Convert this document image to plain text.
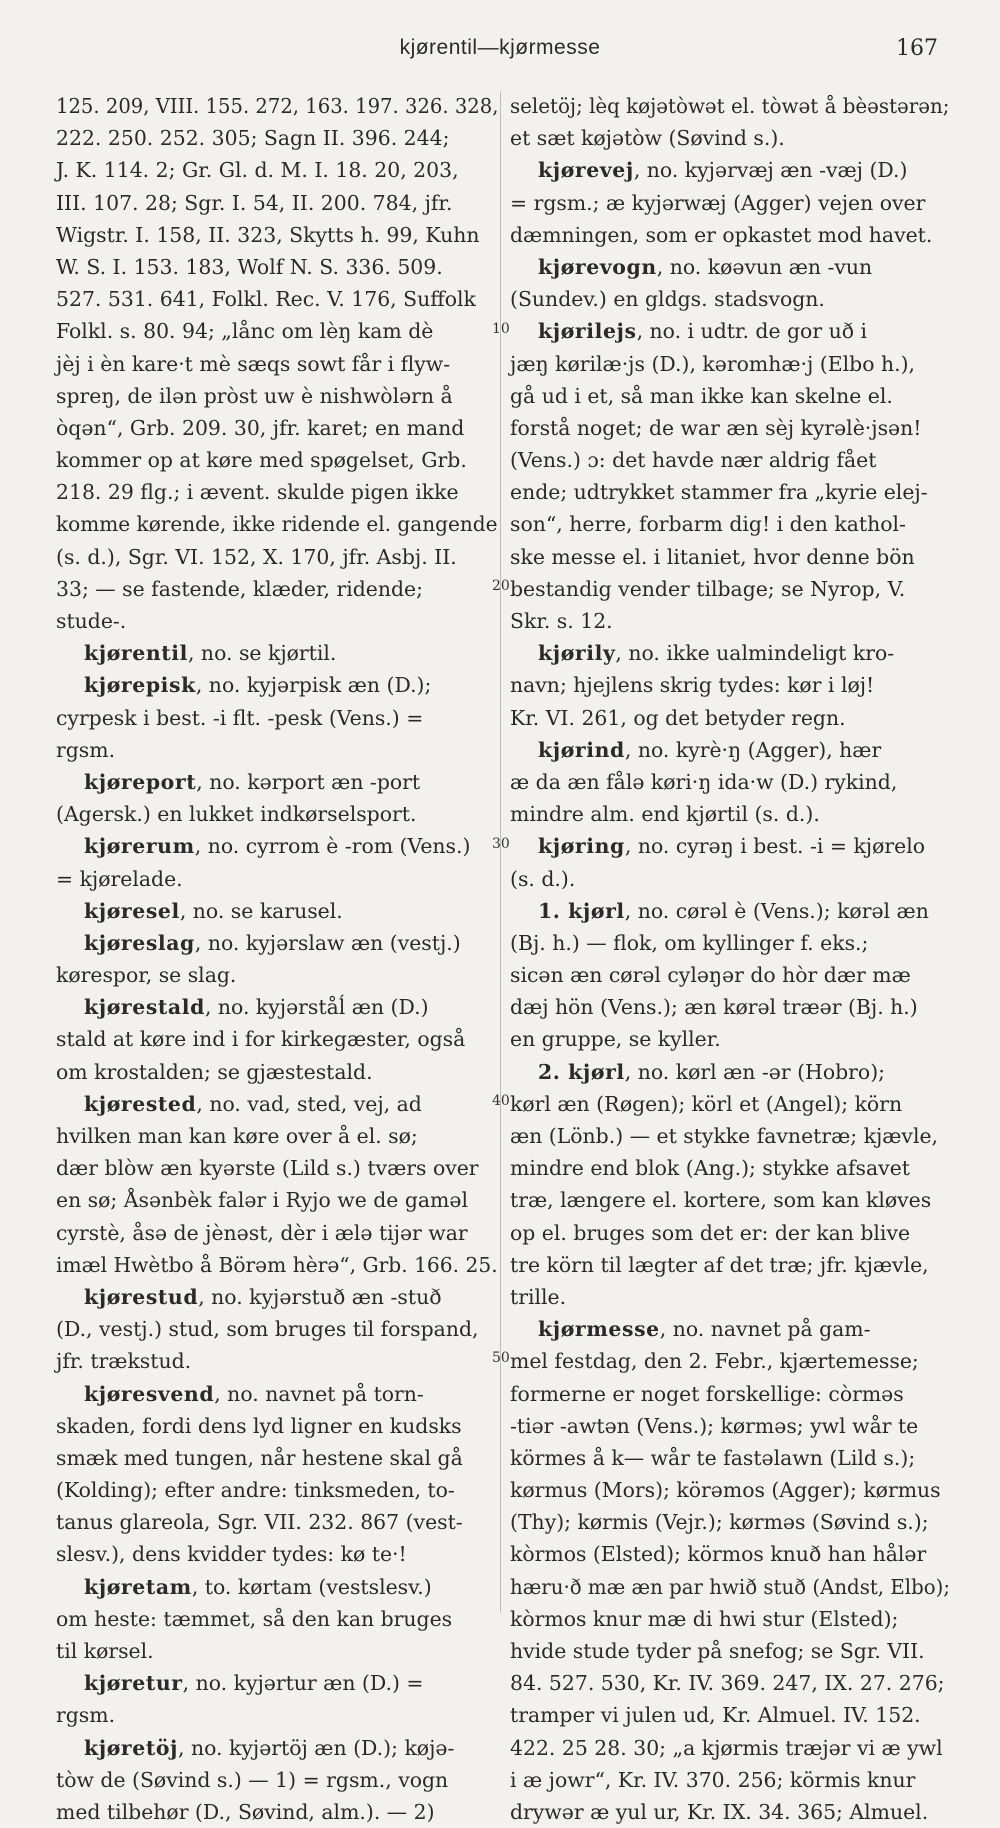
kjørentil—kjørmesse	167
125. 209, VIII. 155. 272, 163. 197. 326. 328,
222. 250. 252. 305; Sagn II. 396. 244;
J. K. 114. 2; Gr. Gl. d. M. I. 18. 20, 203,
III. 107. 28; Sgr. I. 54, II. 200. 784, jfr.
Wigstr. I. 158, II. 323, Skytts h. 99, Kuhn
W. S. I. 153. 183, Wolf N. S. 336. 509.
527. 531. 641, Folkl. Rec. V. 176, Suffolk
Folkl. s. 80. 94; „lånc om lèŋ kam dè
jèj i èn kare·t mè sæqs sowt får i flyw-
spreŋ, de ilən pròst uw è nishwòlərn å
òqən“, Grb. 209. 30, jfr. karet; en mand
kommer op at køre med spøgelset, Grb.
218. 29 flg.; i ævent. skulde pigen ikke
komme kørende, ikke ridende el. gangende
(s. d.), Sgr. VI. 152, X. 170, jfr. Asbj. II.
33; — se fastende, klæder, ridende;
stude-.
kjørentil, no. se kjørtil.
kjørepisk, no. kyjərpisk æn (D.);
cyrpesk i best. -i flt. -pesk (Vens.) =
rgsm.
kjøreport, no. kərport æn -port
(Agersk.) en lukket indkørselsport.
kjørerum, no. cyrrom è -rom (Vens.)
= kjørelade.
kjøresel, no. se karusel.
kjøreslag, no. kyjərslaw æn (vestj.)
kørespor, se slag.
kjørestald, no. kyjərståĺ æn (D.)
stald at køre ind i for kirkegæster, også
om krostalden; se gjæstestald.
kjørested, no. vad, sted, vej, ad
hvilken man kan køre over å el. sø;
dær blòw æn kyərste (Lild s.) tværs over
en sø; Åsənbèk falər i Ryjo we de gaməl
cyrstè, åsə de jènəst, dèr i ælə tijər war
imæl Hwètbo å Börəm hèrə“, Grb. 166. 25.
kjørestud, no. kyjərstuð æn -stuð
(D., vestj.) stud, som bruges til forspand,
jfr. trækstud.
kjøresvend, no. navnet på torn-
skaden, fordi dens lyd ligner en kudsks
smæk med tungen, når hestene skal gå
(Kolding); efter andre: tinksmeden, to-
tanus glareola, Sgr. VII. 232. 867 (vest-
slesv.), dens kvidder tydes: kø te·!
kjøretam, to. kørtam (vestslesv.)
om heste: tæmmet, så den kan bruges
til kørsel.
kjøretur, no. kyjərtur æn (D.) =
rgsm.
kjøretöj, no. kyjərtöj æn (D.); køjə-
tòw de (Søvind s.) — 1) = rgsm., vogn
med tilbehør (D., Søvind, alm.). — 2)
seletöj; lèq køjətòwət el. tòwət å bèəstərən;
et sæt køjətòw (Søvind s.).
kjørevej, no. kyjərvæj æn -væj (D.)
= rgsm.; æ kyjərwæj (Agger) vejen over
dæmningen, som er opkastet mod havet.
kjørevogn, no. køəvun æn -vun
(Sundev.) en gldgs. stadsvogn.
kjørilejs, no. i udtr. de gor uð i
jæŋ kørilæ·js (D.), kəromhæ·j (Elbo h.),
gå ud i et, så man ikke kan skelne el.
forstå noget; de war æn sèj kyrəlè·jsən!
(Vens.) ɔ: det havde nær aldrig fået
ende; udtrykket stammer fra „kyrie elej-
son“, herre, forbarm dig! i den kathol-
ske messe el. i litaniet, hvor denne bön
bestandig vender tilbage; se Nyrop, V.
Skr. s. 12.
kjørily, no. ikke ualmindeligt kro-
navn; hjejlens skrig tydes: kør i løj!
Kr. VI. 261, og det betyder regn.
kjørind, no. kyrè·ŋ (Agger), hær
æ da æn fålə køri·ŋ ida·w (D.) rykind,
mindre alm. end kjørtil (s. d.).
kjøring, no. cyrəŋ i best. -i = kjørelo
(s. d.).
1. kjørl, no. cørəl è (Vens.); kørəl æn
(Bj. h.) — flok, om kyllinger f. eks.;
sicən æn cørəl cyləŋər do hòr dær mæ
dæj hön (Vens.); æn kørəl træər (Bj. h.)
en gruppe, se kyller.
2. kjørl, no. kørl æn -ər (Hobro);
kørl æn (Røgen); körl et (Angel); körn
æn (Lönb.) — et stykke favnetræ; kjævle,
mindre end blok (Ang.); stykke afsavet
træ, længere el. kortere, som kan kløves
op el. bruges som det er: der kan blive
tre körn til lægter af det træ; jfr. kjævle,
trille.
kjørmesse, no. navnet på gam-
mel festdag, den 2. Febr., kjærtemesse;
formerne er noget forskellige: còrməs
-tiər -awtən (Vens.); kørməs; ywl wår te
körmes å k— wår te fastəlawn (Lild s.);
kørmus (Mors); körəmos (Agger); kørmus
(Thy); kørmis (Vejr.); kørməs (Søvind s.);
kòrmos (Elsted); körmos knuð han hålər
hæru·ð mæ æn par hwið stuð (Andst, Elbo);
kòrmos knur mæ di hwi stur (Elsted);
hvide stude tyder på snefog; se Sgr. VII.
84. 527. 530, Kr. IV. 369. 247, IX. 27. 276;
tramper vi julen ud, Kr. Almuel. IV. 152.
422. 25 28. 30; „a kjørmis træjər vi æ ywl
i æ jowr“, Kr. IV. 370. 256; körmis knur
drywər æ yul ur, Kr. IX. 34. 365; Almuel.
10
20
30
40
50
